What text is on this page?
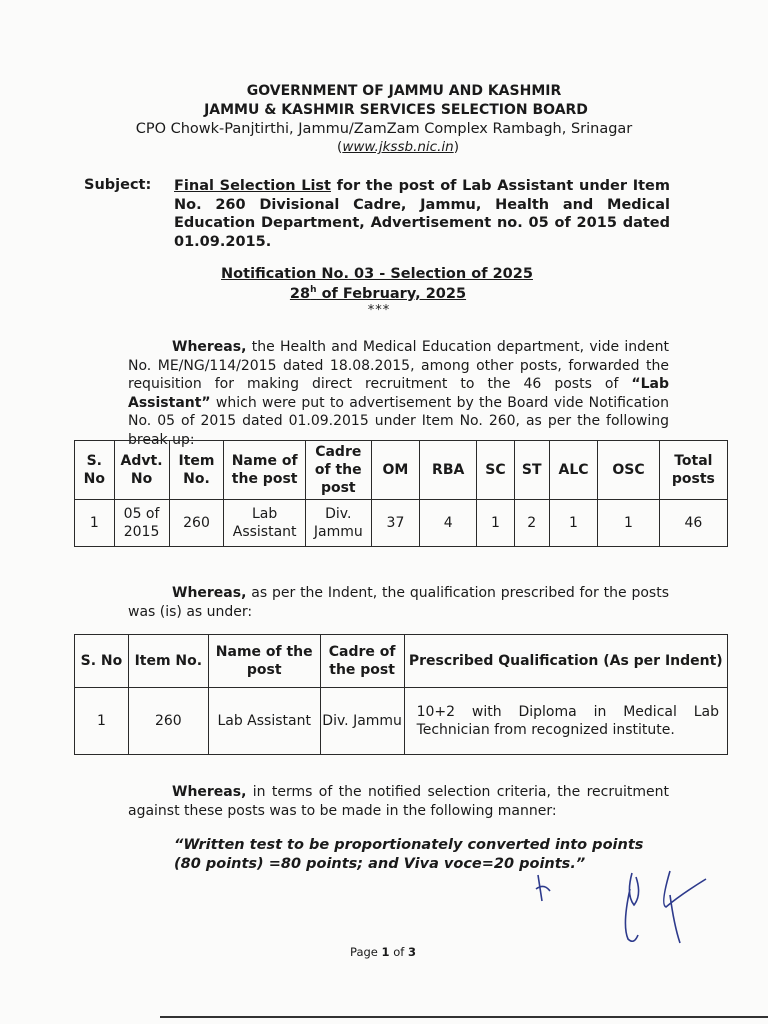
GOVERNMENT OF JAMMU AND KASHMIR
JAMMU & KASHMIR SERVICES SELECTION BOARD
CPO Chowk-Panjtirthi, Jammu/ZamZam Complex Rambagh, Srinagar
(www.jkssb.nic.in)
Subject: Final Selection List for the post of Lab Assistant under Item No. 260 Divisional Cadre, Jammu, Health and Medical Education Department, Advertisement no. 05 of 2015 dated 01.09.2015.
Notification No. 03 - Selection of 2025
28$^h$ of February, 2025
***
Whereas, the Health and Medical Education department, vide indent No. ME/NG/114/2015 dated 18.08.2015, among other posts, forwarded the requisition for making direct recruitment to the 46 posts of “Lab Assistant” which were put to advertisement by the Board vide Notification No. 05 of 2015 dated 01.09.2015 under Item No. 260, as per the following break up:
S. No	Advt. No	Item No.	Name of the post	Cadre of the post	OM	RBA	SC	ST	ALC	OSC	Total posts
1	05 of 2015	260	Lab Assistant	Div. Jammu	37	4	1	2	1	1	46
Whereas, as per the Indent, the qualification prescribed for the posts was (is) as under:
S. No	Item No.	Name of the post	Cadre of the post	Prescribed Qualification (As per Indent)
1	260	Lab Assistant	Div. Jammu	10+2 with Diploma in Medical Lab Technician from recognized institute.
Whereas, in terms of the notified selection criteria, the recruitment against these posts was to be made in the following manner:
“Written test to be proportionately converted into points (80 points) =80 points; and Viva voce=20 points.”
Page 1 of 3
